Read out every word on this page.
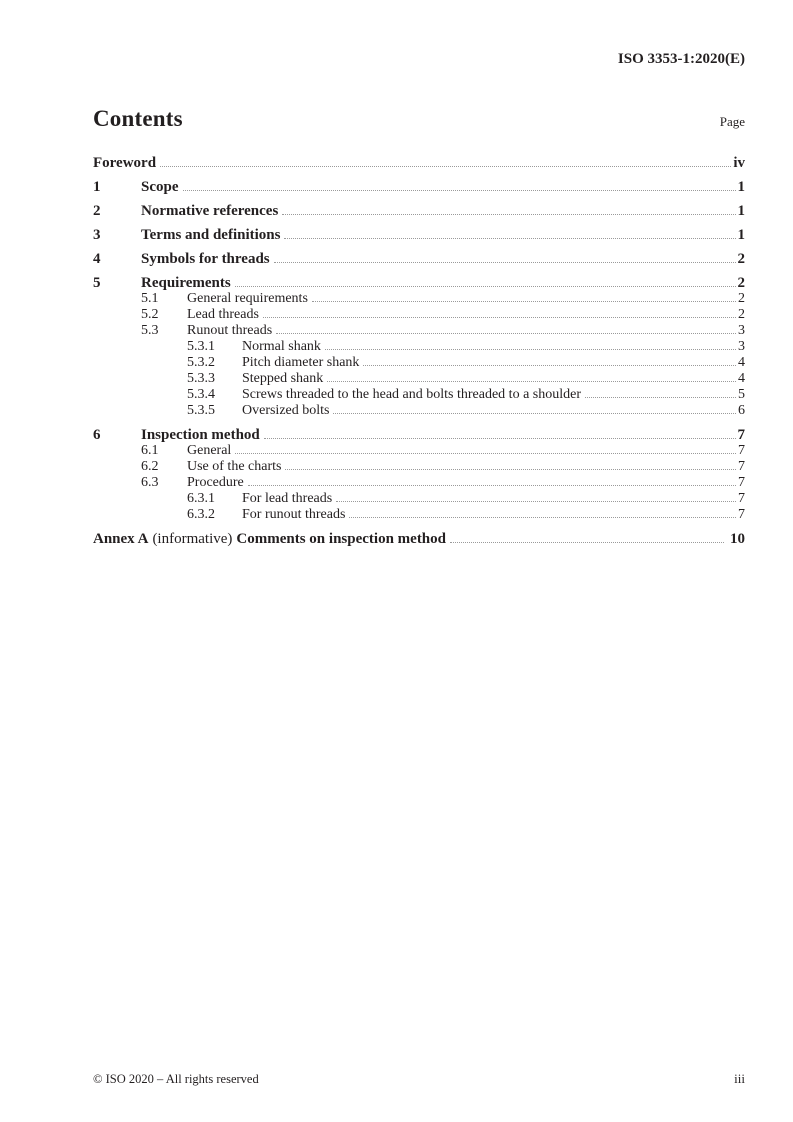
ISO 3353-1:2020(E)
Contents	Page
Foreword	iv
1	Scope	1
2	Normative references	1
3	Terms and definitions	1
4	Symbols for threads	2
5	Requirements	2
5.1	General requirements	2
5.2	Lead threads	2
5.3	Runout threads	3
5.3.1	Normal shank	3
5.3.2	Pitch diameter shank	4
5.3.3	Stepped shank	4
5.3.4	Screws threaded to the head and bolts threaded to a shoulder	5
5.3.5	Oversized bolts	6
6	Inspection method	7
6.1	General	7
6.2	Use of the charts	7
6.3	Procedure	7
6.3.1	For lead threads	7
6.3.2	For runout threads	7
Annex A (informative) Comments on inspection method	10
© ISO 2020 – All rights reserved	iii
